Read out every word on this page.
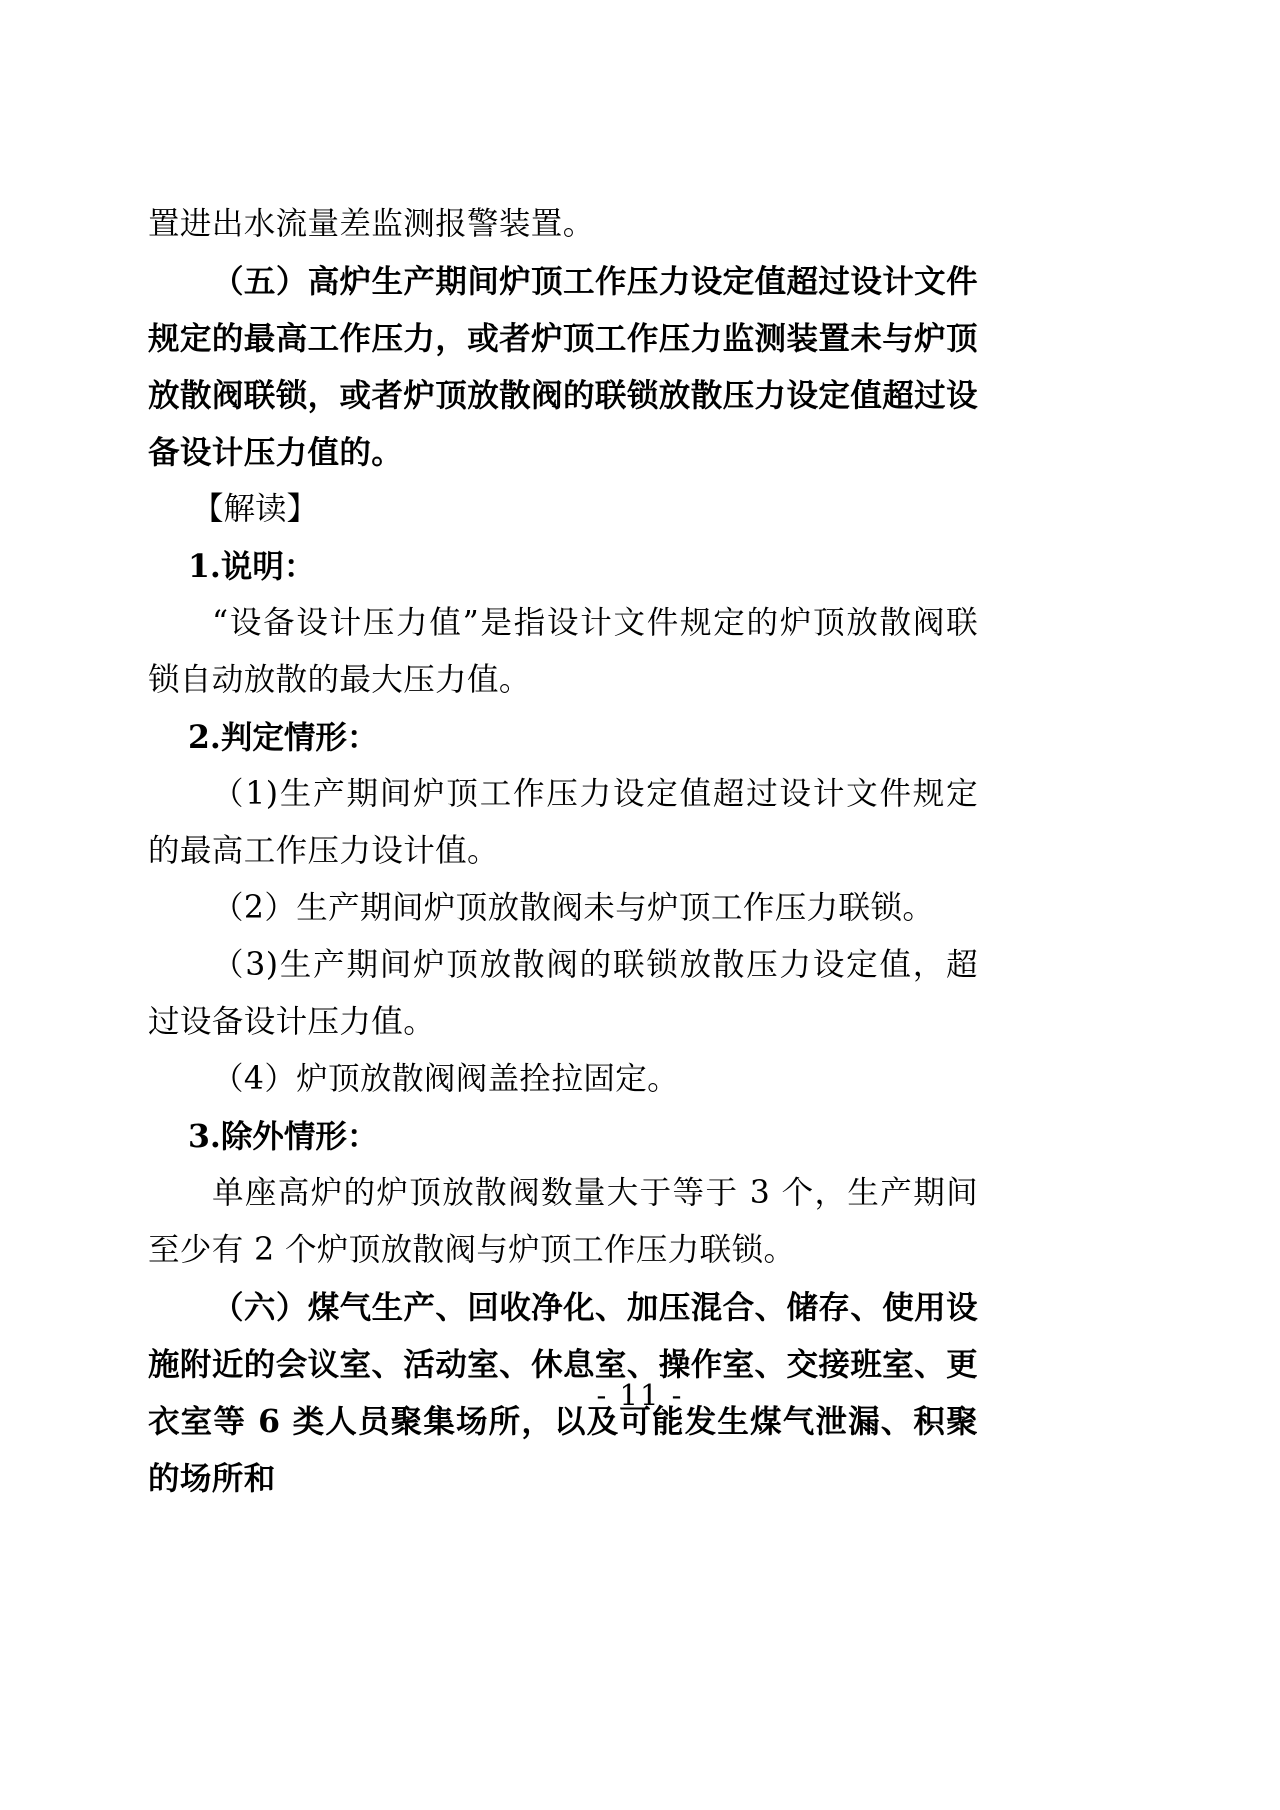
置进出水流量差监测报警装置。

（五）高炉生产期间炉顶工作压力设定值超过设计文件规定的最高工作压力，或者炉顶工作压力监测装置未与炉顶放散阀联锁，或者炉顶放散阀的联锁放散压力设定值超过设备设计压力值的。

【解读】

1.说明：

“设备设计压力值”是指设计文件规定的炉顶放散阀联锁自动放散的最大压力值。

2.判定情形：

（1)生产期间炉顶工作压力设定值超过设计文件规定的最高工作压力设计值。

（2）生产期间炉顶放散阀未与炉顶工作压力联锁。

（3)生产期间炉顶放散阀的联锁放散压力设定值，超过设备设计压力值。

（4）炉顶放散阀阀盖拴拉固定。

3.除外情形：

单座高炉的炉顶放散阀数量大于等于 3 个，生产期间至少有 2 个炉顶放散阀与炉顶工作压力联锁。

（六）煤气生产、回收净化、加压混合、储存、使用设施附近的会议室、活动室、休息室、操作室、交接班室、更衣室等 6 类人员聚集场所，以及可能发生煤气泄漏、积聚的场所和

- 11 -
